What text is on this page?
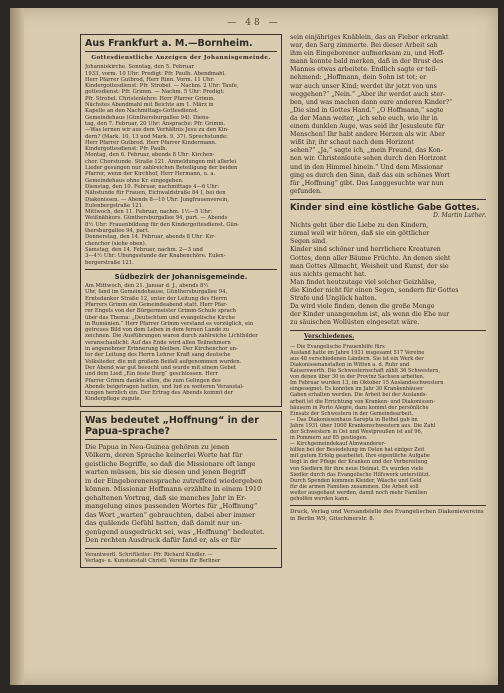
— 48 —
Aus Frankfurt a. M.—Bornheim.
Gottesdienstliche Anzeigen der Johannisgemeinde.
Johanniskirche. Sonntag, den 5. Februar
1933, vorm. 10 Uhr: Predigt: Pfr. Paulh. Abendmahl.
Herr Pfarrer Gutbrod, Herr Rinn. Vorm. 11 Uhr:
Kindergottesdienst: Pfr. Strobel. — Nachm. 2 Uhr: Taufe,
gottesdienst: Pfr. Grimm. — Nachm. 5 Uhr: Predigt:
Pfr. Strobel. Christenlehre: Herr Pfarrer Grimm.
Nächstes Abendmahl mit Beichte am 1. März in
Kapelle an den Nachmittags-Gottesdienst.
Gemeindehaus (Günthersburgallee 94). Diens-
tag, den 7. Februar, 20 Uhr: Ansprache: Pfr. Grimm.
—Was lernen wir aus dem Verhältnis Jesu zu den Kin-
dern? (Mark. 10, 13 und Mark. 9, 37). Sprechstunde:
Herr Pfarrer Gutbrod. Herr Pfarrer Kindermann.
Kindergottesdienst: Pfr. Paulh.
Montag, den 6. Februar, abends 8 Uhr: Kirchen-
chor. Chorstunde. Straße 121. Anmeldungen mit allerlei
Lieder gesungen nur zahlreichen Beteiligung der beiden
Pfarrer, wenn der Kirchhof, Herr Hermann, u. a.
Gemeindehaus ohne Kr. eingegeben.
Dienstag, den 10. Februar, nachmittags 4—6 Uhr:
Nähstunde für Frauen, Eichwaldstraße 84 I, bei den
Diakonissen. — Abends 8—10 Uhr: Jungfrauenverein,
Eulenbergstraße 121.
Mittwoch, den 11. Februar, nachm. 1½—5 Uhr:
Weißnähkurs. Günthersburgallee 94, part. — Abends
8½ Uhr: Frauenbildung für den Kindergottesdienst. Gün-
thersburgallee 94, part.
Donnerstag, den 14. Februar, abends 8 Uhr: Kir-
chenchor (siehe oben).
Samstag, den 14. Februar, nachm. 2—3 und
3—4½ Uhr: Übungsstunde der Knabenchöre. Eulen-
bergerstraße 121.
Südbezirk der Johannisgemeinde.
Am Mittwoch, den 21. Januar d. J., abends 8½
Uhr, fand im Gemeindehause, Günthersburgallee 94,
Erntedanker Straße 12, unter der Leitung des Herrn
Pfarrers Grimm ein Gemeindeabend statt. Herr Pfar-
rer Engels von der Bürgermeister Grimm-Schule sprach
über das Thema: „Deutschtum und evangelische Kirche
in Rumänien.“ Herr Pfarrer Grimm verstand es vorzüglich, ein
getreues Bild von dem Leben in dem fernen Lande zu
zeichnen. Die Ausführungen waren durch zahlreiche Lichtbilder
veranschaulicht. Auf das Ende wird allen Teilnehmern
in angenehmer Erinnerung bleiben. Der Kirchenchor un-
ter der Leitung des Herrn Lehrer Kraft sang deutsche
Volkslieder, die mit großem Beifall aufgenommen wurden.
Der Abend war gut besucht und wurde mit einem Gebet
und dem Lied „Ein feste Burg“ geschlossen. Herr
Pfarrer Grimm dankte allen, die zum Gelingen des
Abends beigetragen hatten, und lud zu weiteren Veranstal-
tungen herzlich ein. Der Ertrag des Abends kommt der
Kinderpflege zugute.
Was bedeutet „Hoffnung“ in der Papua-sprache?
Die Papua in Neu-Guinea gehören zu jenen
Völkern, deren Sprache keinerlei Worte hat für
geistliche Begriffe, so daß die Missionare oft lange
warten müssen, bis sie diesen und jenen Begriff
in der Eingeborenensprache zutreffend wiedergeben
können. Missionar Hoffmann erzählte in einem 1910
gehaltenen Vortrag, daß sie manches Jahr in Er-
mangelung eines passenden Wortes für „Hoffnung“
das Wort „warten“ gebrauchten, dabei aber immer
das quälende Gefühl hatten, daß damit nur un-
genügend ausgedrückt sei, was „Hoffnung“ bedeutet.
Den rechten Ausdruck dafür fand er, als er für
Verantwortl. Schriftleiter: Pfr. Richard Kindler. —
Verlags- u. Kunstanstalt Christl. Vereins für Berliner
sein einjähriges Knäblein, das an Fieber erkrankt
war, den Sarg zimmerte. Bei dieser Arbeit sah
ihm ein Eingeborener aufmerksam zu, und Hoff-
mann konnte bald merken, daß in der Brust des
Mannes etwas arbeitete. Endlich sagte er teil-
nehmend: „Hoffmann, dein Sohn ist tot; er
war auch unser Kind; werdet ihr jetzt von uns
weggehen?“ „Nein.“ „Aber ihr werdet auch ster-
ben, und was machen dann eure anderen Kinder?“
„Die sind in Gottes Hand.“ „O Hoffmann,“ sagte
da der Mann weiter, „ich sehe euch, wie ihr in
einem dunklen Auge, was seid ihr Jesusleute für
Menschen! Ihr habt andere Herzen als wir. Aber
wißt ihr, ihr schaut nach dem Horizont
sehen?“ „Ja,“ sagte ich, „mein Freund, das Kon-
nen wir. Christenleute sehen durch den Horizont
und in den Himmel hinein.“ Und dem Missionar
ging es durch den Sinn, daß das ein schönes Wort
für „Hoffnung“ gibt. Das Langgesuchte war nun
gefunden.
Kinder sind eine köstliche Gabe Gottes.
D. Martin Luther.
Nichts geht über die Liebe zu den Kindern,
zumal weil wir hören, daß sie ein göttlicher
Segen sind.
Kinder sind schöner und herrlichere Kreaturen
Gottes, denn aller Bäume Früchte. An denen sieht
man Gottes Allmacht, Weisheit und Kunst, der sie
aus nichts gemacht hat.
Man findet heutzutage viel solcher Geizhälse,
die Kinder nicht für einen Segen, sondern für Gottes
Strafe und Unglück halten.
Da wird viele finden, denen die große Menge
der Kinder unangenehm ist, als wenn die Ehe nur
zu säuischen Wollüsten eingesetzt wäre.
Verschiedenes.
— Die Evangelische Frauenhilfe fürs
Ausland hatte im Jahre 1931 insgesamt 517 Vereine
aus 48 verschiedenen Ländern. Sie ist ein Werk der
Diakonissenanstalten in Witten a. d. Ruhr und
Kaiserswerth. Die Schwesternschaft zählt 36 Schwestern,
von denen über 30 in der Provinz Sachsen arbeiten.
Im Februar wurden 13, im Oktober 15 Auslandsschwestern
eingesegnet. Es konnten im Jahr 30 Krankenhäuser
Gaben erhalten werden. Die Arbeit bei der Auslands-
arbeit ist die Errichtung von Kranken- und Diakonissen-
häusern in Porto Alegre, dazu kommt der persönliche
Einsatz der Schwestern in der Gemeindearbeit.
— Das Diakonissenhaus Sarepta in Bethel gab im
Jahre 1931 über 1000 Krankenschwestern aus. Die Zahl
der Schwestern in Ost und Westpreußen ist auf 96,
in Pommern auf 85 gestiegen.
— Kirchgemeindekauf Almwanderer-
hilfen bei der Besiedelung im Osten hat einiger Zeit
mit gutem Erfolg gearbeitet. Ihre eigentliche Aufgabe
liegt in der Pflege der Kranken und der Vorbereitung
von Siedlern für ihre neue Heimat. Es wurden viele
Siedler durch das Evangelische Hilfswerk unterstützt.
Durch Spenden kommen Kleider, Wäsche und Geld
für die armen Familien zusammen. Die Arbeit soll
weiter ausgebaut werden, damit noch mehr Familien
geholfen werden kann.
Druck, Verlag und Versandstelle des Evangelischen Diakonievereins in Berlin W9, Gitschinerstr. 8.
